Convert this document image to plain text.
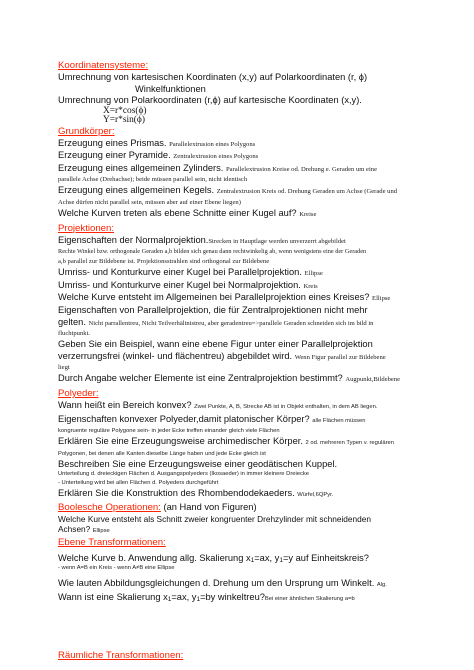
Koordinatensysteme:
Umrechnung von kartesischen Koordinaten (x,y) auf Polarkoordinaten (r, ϕ)
Winkelfunktionen
Umrechnung von Polarkoordinaten (r,ϕ) auf kartesische Koordinaten (x,y).
X=r*cos(ϕ)
Y=r*sin(ϕ)
Grundkörper:
Erzeugung eines Prismas. Parallelextrusion eines Polygons
Erzeugung einer Pyramide. Zentralextrusion eines Polygons
Erzeugung eines allgemeinen Zylinders. Parallelextrusion Kreise od. Drehung e. Geraden um eine
parallele Achse (Drehachse); beide müssen parallel sein, nicht identisch
Erzeugung eines allgemeinen Kegels. Zentralextrusion Kreis od. Drehung Geraden um Achse (Gerade und
Achse dürfen nicht parallel sein, müssen aber auf einer Ebene liegen)
Welche Kurven treten als ebene Schnitte einer Kugel auf? Kreise
Projektionen:
Eigenschaften der Normalprojektion.Strecken in Hauptlage werden unverzerrt abgebildet
Rechte Winkel bzw. orthogonale Geraden a,b bilden sich genau dann rechtwinkelig ab, wenn wenigstens eine der Geraden
a,b parallel zur Bildebene ist. Projektionsstrahlen sind orthogonal zur Bildebene
Umriss- und Konturkurve einer Kugel bei Parallelprojektion. Ellipse
Umriss- und Konturkurve einer Kugel bei Normalprojektion. Kreis
Welche Kurve entsteht im Allgemeinen bei Parallelprojektion eines Kreises? Ellipse
Eigenschaften von Parallelprojektion, die für Zentralprojektionen nicht mehr
gelten. Nicht parrallentreu, Nicht Teilverhältnistreu, aber geradentreu=>parallele Geraden schneiden sich im bild in
fluchtpunkt.
Geben Sie ein Beispiel, wann eine ebene Figur unter einer Parallelprojektion
verzerrungsfrei (winkel- und flächentreu) abgebildet wird. Wenn Figur parallel zur Bildebene
liegt
Durch Angabe welcher Elemente ist eine Zentralprojektion bestimmt? Augpunkt,Bildebene
Polyeder:
Wann heißt ein Bereich konvex? Zwei Punkte, A, B, Strecke AB ist in Objekt enthalten, in dem AB liegen.
Eigenschaften konvexer Polyeder,damit platonischer Körper? alle Flächen müssen
kongruente reguläre Polygone sein- in jeder Ecke treffen einander gleich viele Flächen
Erklären Sie eine Erzeugungsweise archimedischer Körper. 2 od. mehreren Typen v. regulären
Polygonen, bei denen alle Kanten dieselbe Länge haben und jede Ecke gleich ist
Beschreiben Sie eine Erzeugungsweise einer geodätischen Kuppel.
Unterteilung d. dreieckigen Flächen d. Ausgangspolyeders (Ikosaeder) in immer kleinere Dreiecke
- Unterteilung wird bei allen Flächen d. Polyeders durchgeführt
Erklären Sie die Konstruktion des Rhombendodekaeders. Würfel,6QPyr.
Boolesche Operationen: (an Hand von Figuren)
Welche Kurve entsteht als Schnitt zweier kongruenter Drehzylinder mit schneidenden
Achsen? Ellipse
Ebene Transformationen:
Welche Kurve b. Anwendung allg. Skalierung $x_1=ax$, $y_1=y$ auf Einheitskreis?
- wenn A=B ein Kreis - wenn A≠B eine Ellipse
Wie lauten Abbildungsgleichungen d. Drehung um den Ursprung um Winkelt. Alg.
Wann ist eine Skalierung $x_1=ax$, $y_1=by$ winkeltreu?Bei einer ähnlichen Skalierung a=b
Räumliche Transformationen:
